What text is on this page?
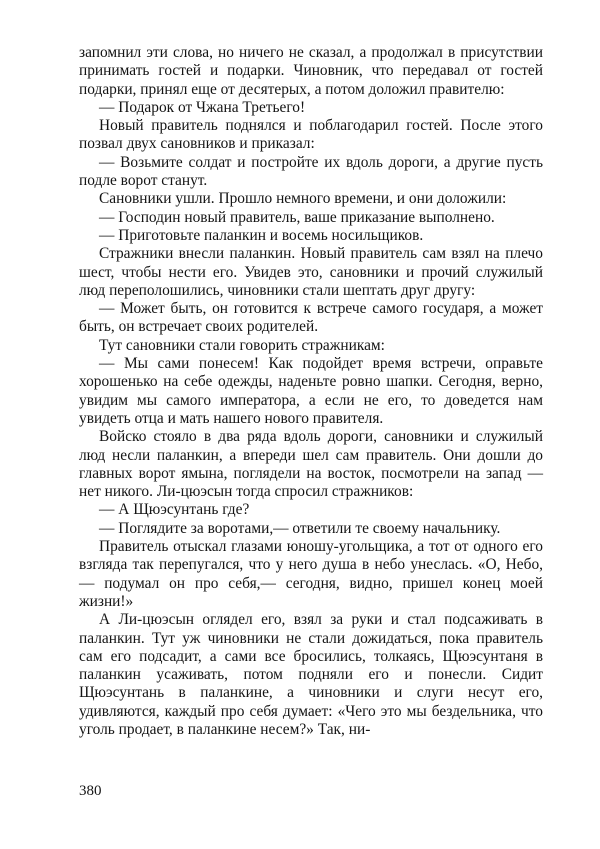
запомнил эти слова, но ничего не сказал, а продолжал в присутствии принимать гостей и подарки. Чиновник, что передавал от гостей подарки, принял еще от десятерых, а потом доложил правителю:

— Подарок от Чжана Третьего!

Новый правитель поднялся и поблагодарил гостей. После этого позвал двух сановников и приказал:

— Возьмите солдат и постройте их вдоль дороги, а другие пусть подле ворот станут.

Сановники ушли. Прошло немного времени, и они доложили:

— Господин новый правитель, ваше приказание выполнено.

— Приготовьте паланкин и восемь носильщиков.

Стражники внесли паланкин. Новый правитель сам взял на плечо шест, чтобы нести его. Увидев это, сановники и прочий служилый люд переполошились, чиновники стали шептать друг другу:

— Может быть, он готовится к встрече самого государя, а может быть, он встречает своих родителей.

Тут сановники стали говорить стражникам:

— Мы сами понесем! Как подойдет время встречи, оправьте хорошенько на себе одежды, наденьте ровно шапки. Сегодня, верно, увидим мы самого императора, а если не его, то доведется нам увидеть отца и мать нашего нового правителя.

Войско стояло в два ряда вдоль дороги, сановники и служилый люд несли паланкин, а впереди шел сам правитель. Они дошли до главных ворот ямына, поглядели на восток, посмотрели на запад — нет никого. Ли-цюэсын тогда спросил стражников:

— А Щюэсунтань где?

— Поглядите за воротами,— ответили те своему начальнику.

Правитель отыскал глазами юношу-угольщика, а тот от одного его взгляда так перепугался, что у него душа в небо унеслась. «О, Небо,— подумал он про себя,— сегодня, видно, пришел конец моей жизни!»

А Ли-цюэсын оглядел его, взял за руки и стал подсаживать в паланкин. Тут уж чиновники не стали дожидаться, пока правитель сам его подсадит, а сами все бросились, толкаясь, Щюэсунтаня в паланкин усаживать, потом подняли его и понесли. Сидит Щюэсунтань в паланкине, а чиновники и слуги несут его, удивляются, каждый про себя думает: «Чего это мы бездельника, что уголь продает, в паланкине несем?» Так, ни-

380
